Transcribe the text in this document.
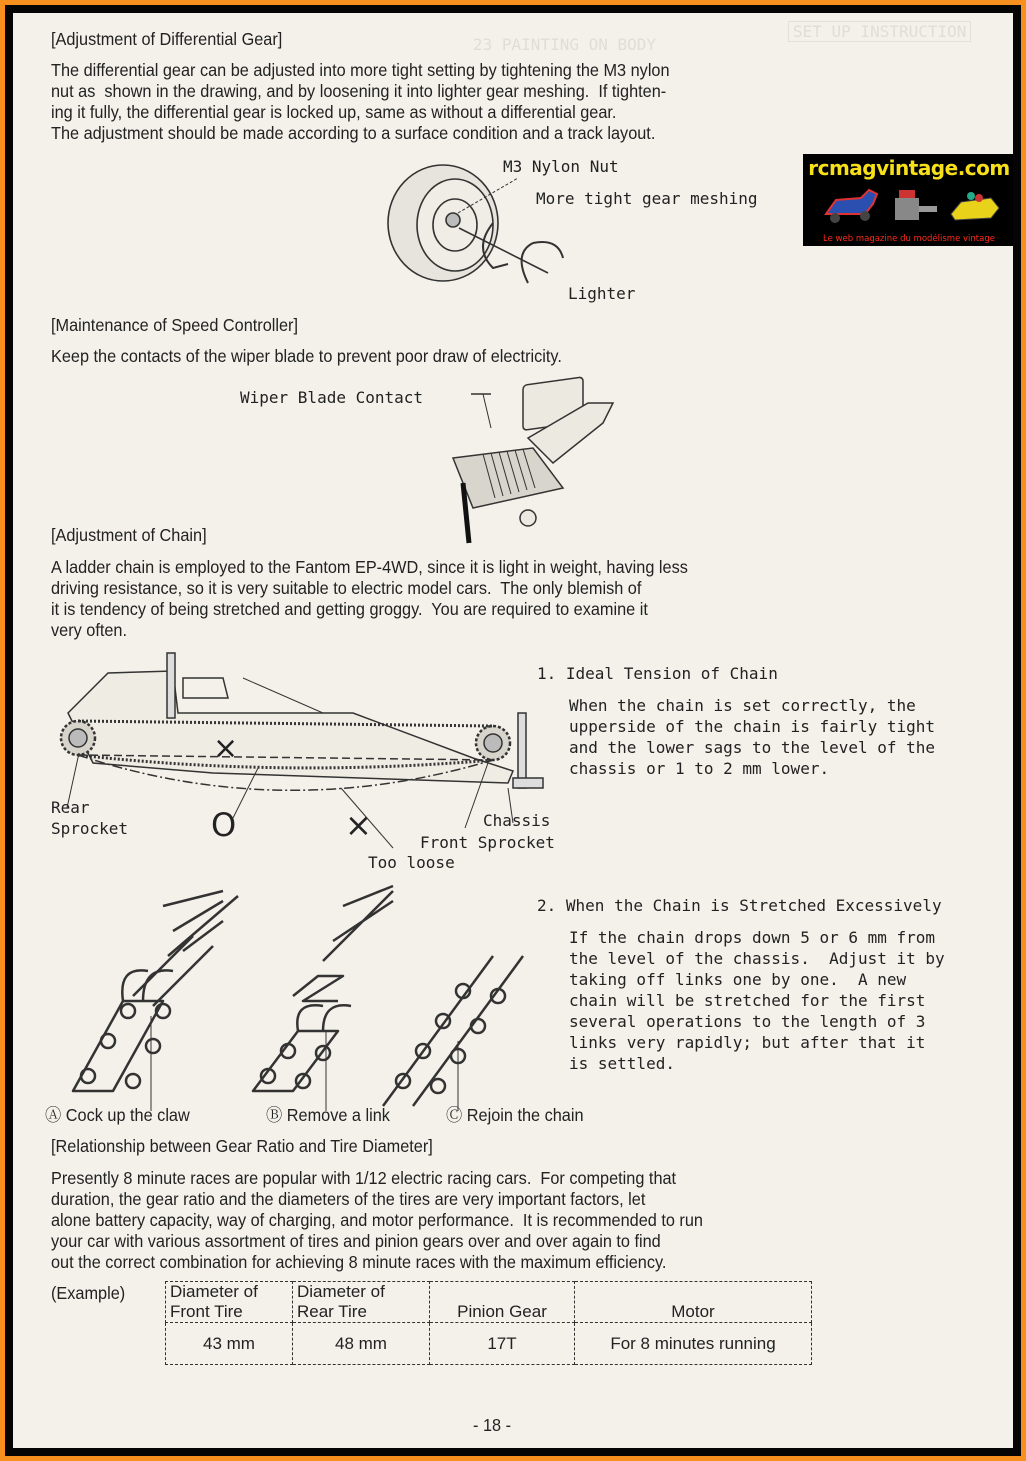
SET UP INSTRUCTION
23 PAINTING ON BODY
[Adjustment of Differential Gear]
The differential gear can be adjusted into more tight setting by tightening the M3 nylon
nut as  shown in the drawing, and by loosening it into lighter gear meshing.  If tighten-
ing it fully, the differential gear is locked up, same as without a differential gear.
The adjustment should be made according to a surface condition and a track layout.
M3 Nylon Nut
More tight gear meshing
Lighter
rcmagvintage.com
Le web magazine du modélisme vintage
[Maintenance of Speed Controller]
Keep the contacts of the wiper blade to prevent poor draw of electricity.
Wiper Blade Contact
[Adjustment of Chain]
A ladder chain is employed to the Fantom EP-4WD, since it is light in weight, having less
driving resistance, so it is very suitable to electric model cars.  The only blemish of
it is tendency of being stretched and getting groggy.  You are required to examine it
very often.
×
Rear
Sprocket	O	×	Chassis
Front Sprocket
Too loose
1. Ideal Tension of Chain
When the chain is set correctly, the
upperside of the chain is fairly tight
and the lower sags to the level of the
chassis or 1 to 2 mm lower.
2. When the Chain is Stretched Excessively
If the chain drops down 5 or 6 mm from
the level of the chassis.  Adjust it by
taking off links one by one.  A new
chain will be stretched for the first
several operations to the length of 3
links very rapidly; but after that it
is settled.
Ⓐ Cock up the claw	Ⓑ Remove a link	Ⓒ Rejoin the chain
[Relationship between Gear Ratio and Tire Diameter]
Presently 8 minute races are popular with 1/12 electric racing cars.  For competing that
duration, the gear ratio and the diameters of the tires are very important factors, let
alone battery capacity, way of charging, and motor performance.  It is recommended to run
your car with various assortment of tires and pinion gears over and over again to find
out the correct combination for achieving 8 minute races with the maximum efficiency.
(Example)	Diameter of
Front Tire	Diameter of
Rear Tire	Pinion Gear	Motor
43 mm	48 mm	17T	For 8 minutes running
- 18 -
